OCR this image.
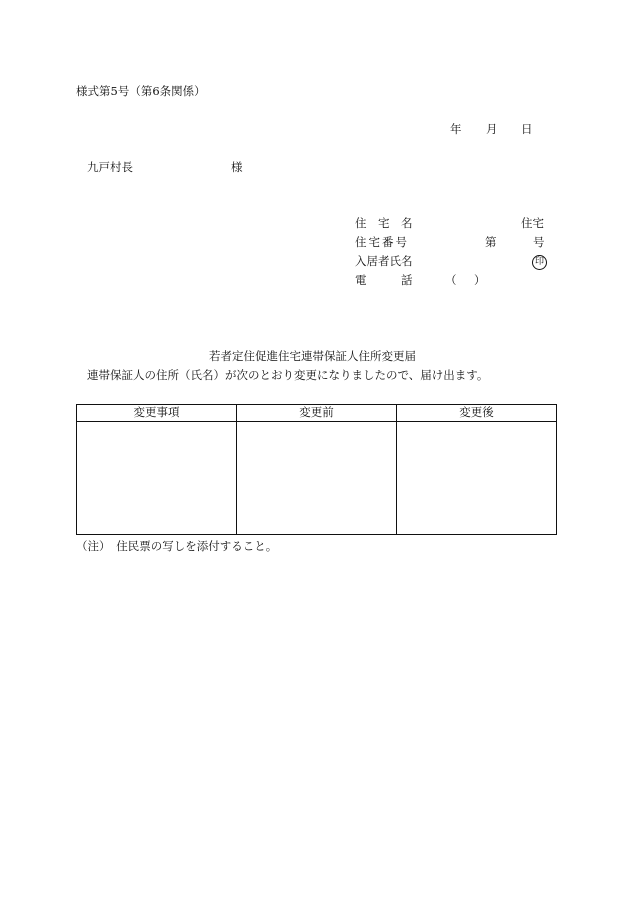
様式第5号（第6条関係）
年 月 日
九戸村長	様
住　宅　名	住宅
住宅番号	第	号
入居者氏名	印
電　　　話	（ ）
若者定住促進住宅連帯保証人住所変更届
連帯保証人の住所（氏名）が次のとおり変更になりましたので、届け出ます。
変更事項	変更前	変更後

（注）　住民票の写しを添付すること。
